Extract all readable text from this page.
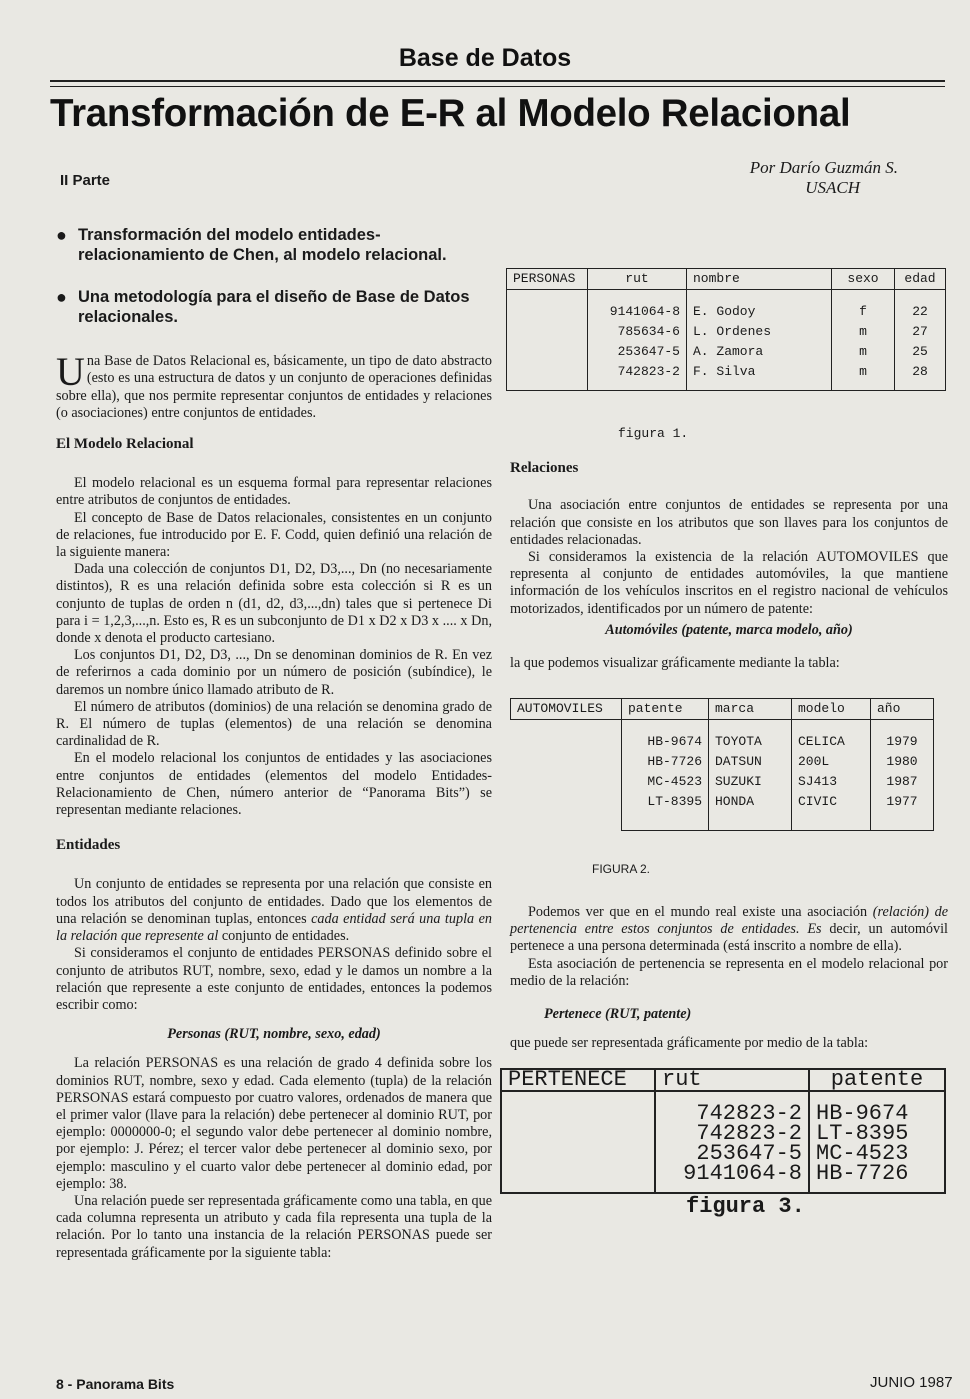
Base de Datos
Transformación de E-R al Modelo Relacional
II Parte
● Transformación del modelo entidades-relacionamiento de Chen, al modelo relacional.
● Una metodología para el diseño de Base de Datos relacionales.

Una Base de Datos Relacional es, básicamente, un tipo de dato abstracto (esto es una estructura de datos y un conjunto de operaciones definidas sobre ella), que nos permite representar conjuntos de entidades y relaciones (o asociaciones) entre conjuntos de entidades.

El Modelo Relacional

El modelo relacional es un esquema formal para representar relaciones entre atributos de conjuntos de entidades.

El concepto de Base de Datos relacionales, consistentes en un conjunto de relaciones, fue introducido por E. F. Codd, quien definió una relación de la siguiente manera:

Dada una colección de conjuntos D1, D2, D3,..., Dn (no necesariamente distintos), R es una relación definida sobre esta colección si R es un conjunto de tuplas de orden n (d1, d2, d3,...,dn) tales que si pertenece Di para i = 1,2,3,...,n. Esto es, R es un subconjunto de D1 x D2 x D3 x .... x Dn, donde x denota el producto cartesiano.

Los conjuntos D1, D2, D3, ..., Dn se denominan dominios de R. En vez de referirnos a cada dominio por un número de posición (subíndice), le daremos un nombre único llamado atributo de R.

El número de atributos (dominios) de una relación se denomina grado de R. El número de tuplas (elementos) de una relación se denomina cardinalidad de R.

En el modelo relacional los conjuntos de entidades y las asociaciones entre conjuntos de entidades (elementos del modelo Entidades-Relacionamiento de Chen, número anterior de “Panorama Bits”) se representan mediante relaciones.

Entidades

Un conjunto de entidades se representa por una relación que consiste en todos los atributos del conjunto de entidades. Dado que los elementos de una relación se denominan tuplas, entonces cada entidad será una tupla en la relación que represente al conjunto de entidades.

Si consideramos el conjunto de entidades PERSONAS definido sobre el conjunto de atributos RUT, nombre, sexo, edad y le damos un nombre a la relación que represente a este conjunto de entidades, entonces la podemos escribir como:

Personas (RUT, nombre, sexo, edad)

La relación PERSONAS es una relación de grado 4 definida sobre los dominios RUT, nombre, sexo y edad. Cada elemento (tupla) de la relación PERSONAS estará compuesto por cuatro valores, ordenados de manera que el primer valor (llave para la relación) debe pertenecer al dominio RUT, por ejemplo: 0000000-0; el segundo valor debe pertenecer al dominio nombre, por ejemplo: J. Pérez; el tercer valor debe pertenecer al dominio sexo, por ejemplo: masculino y el cuarto valor debe pertenecer al dominio edad, por ejemplo: 38.

Una relación puede ser representada gráficamente como una tabla, en que cada columna representa un atributo y cada fila representa una tupla de la relación. Por lo tanto una instancia de la relación PERSONAS puede ser representada gráficamente por la siguiente tabla:

Por Darío Guzmán S.
USACH
PERSONAS	rut	nombre	sexo	edad

	9141064-8	E. Godoy	f	22
	785634-6	L. Ordenes	m	27
	253647-5	A. Zamora	m	25
	742823-2	F. Silva	m	28

figura 1.
Relaciones

Una asociación entre conjuntos de entidades se representa por una relación que consiste en los atributos que son llaves para los conjuntos de entidades relacionadas.

Si consideramos la existencia de la relación AUTOMOVILES que representa al conjunto de entidades automóviles, la que mantiene información de los vehículos inscritos en el registro nacional de vehículos motorizados, identificados por un número de patente:

Automóviles (patente, marca modelo, año)

la que podemos visualizar gráficamente mediante la tabla:

AUTOMOVILES	patente	marca	modelo	año

	HB-9674	TOYOTA	CELICA	1979
	HB-7726	DATSUN	200L	1980
	MC-4523	SUZUKI	SJ413	1987
	LT-8395	HONDA	CIVIC	1977

FIGURA 2.

Podemos ver que en el mundo real existe una asociación (relación) de pertenencia entre estos conjuntos de entidades. Es decir, un automóvil pertenece a una persona determinada (está inscrito a nombre de ella).

Esta asociación de pertenencia se representa en el modelo relacional por medio de la relación:

Pertenece (RUT, patente)

que puede ser representada gráficamente por medio de la tabla:

PERTENECE	rut	patente

	742823-2	HB-9674
	742823-2	LT-8395
	253647-5	MC-4523
	9141064-8	HB-7726

figura 3.
8 - Panorama Bits	JUNIO 1987
